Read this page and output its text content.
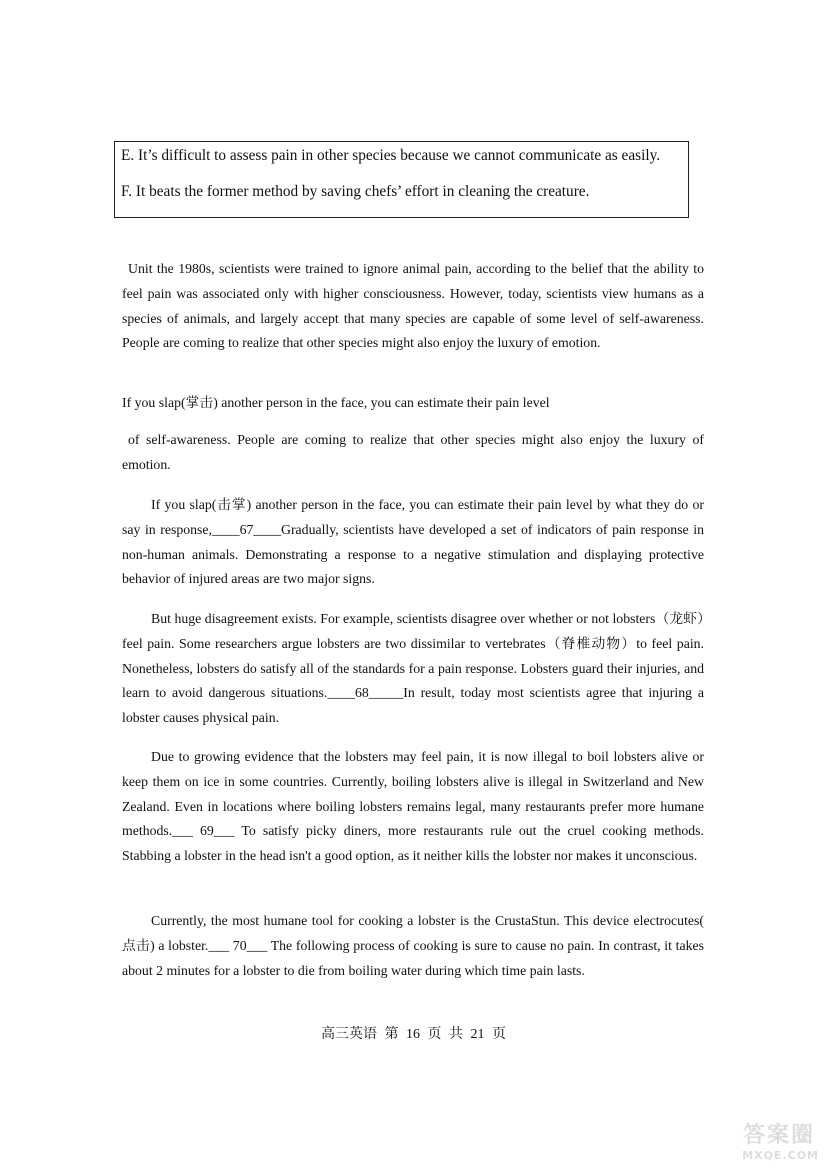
E. It’s difficult to assess pain in other species because we cannot communicate as easily.
F. It beats the former method by saving chefs’ effort in cleaning the creature.

Unit the 1980s, scientists were trained to ignore animal pain, according to the belief that the ability to feel pain was associated only with higher consciousness. However, today, scientists view humans as a species of animals, and largely accept that many species are capable of some level of self-awareness. People are coming to realize that other species might also enjoy the luxury of emotion.

If you slap(掌击) another person in the face, you can estimate their pain level

of self-awareness. People are coming to realize that other species might also enjoy the luxury of emotion.

If you slap(击掌) another person in the face, you can estimate their pain level by what they do or say in response,____67____Gradually, scientists have developed a set of indicators of pain response in non-human animals. Demonstrating a response to a negative stimulation and displaying protective behavior of injured areas are two major signs.

But huge disagreement exists. For example, scientists disagree over whether or not lobsters（龙虾）feel pain. Some researchers argue lobsters are two dissimilar to vertebrates（脊椎动物）to feel pain. Nonetheless, lobsters do satisfy all of the standards for a pain response. Lobsters guard their injuries, and learn to avoid dangerous situations.____68_____In result, today most scientists agree that injuring a lobster causes physical pain.

Due to growing evidence that the lobsters may feel pain, it is now illegal to boil lobsters alive or keep them on ice in some countries. Currently, boiling lobsters alive is illegal in Switzerland and New Zealand. Even in locations where boiling lobsters remains legal, many restaurants prefer more humane methods.___ 69___ To satisfy picky diners, more restaurants rule out the cruel cooking methods. Stabbing a lobster in the head isn't a good option, as it neither kills the lobster nor makes it unconscious.

Currently, the most humane tool for cooking a lobster is the CrustaStun. This device electrocutes( 点击) a lobster.___ 70___ The following process of cooking is sure to cause no pain. In contrast, it takes about 2 minutes for a lobster to die from boiling water during which time pain lasts.

高三英语 第 16 页 共 21 页
答案圈
MXQE.COM
